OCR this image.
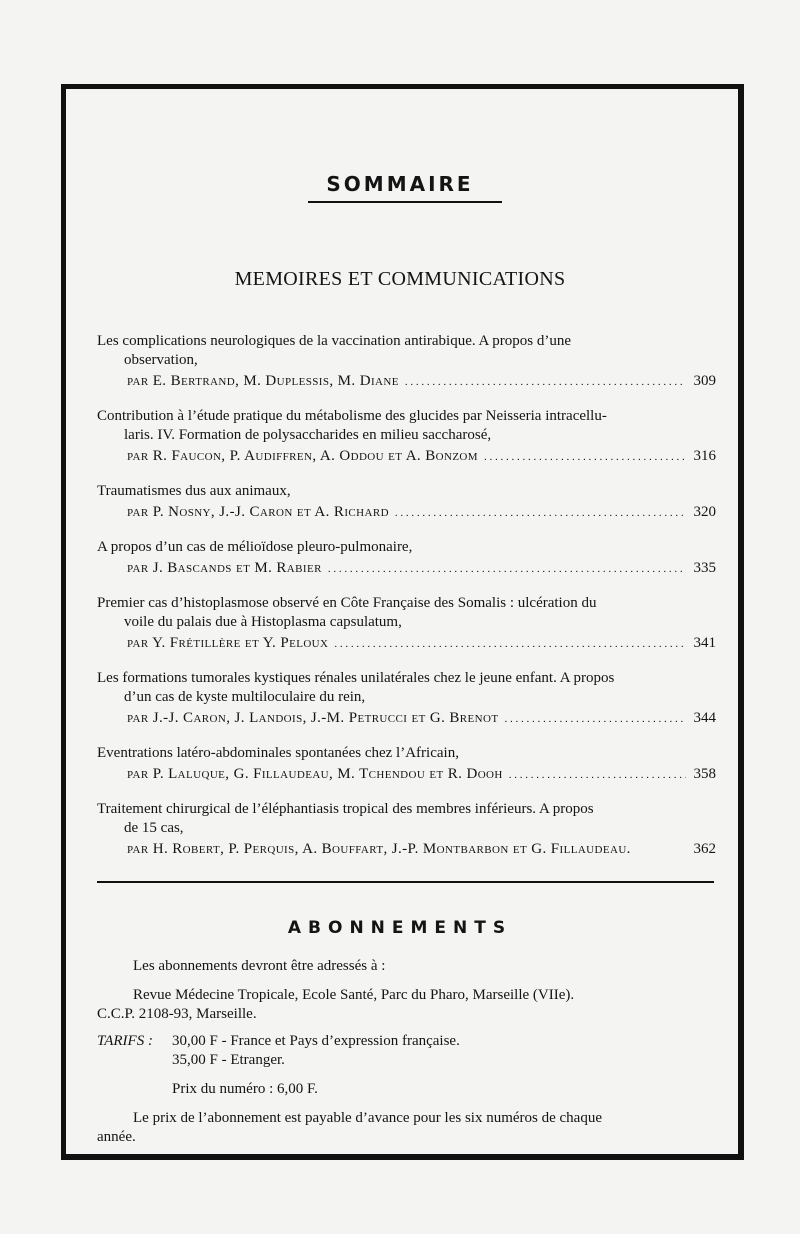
SOMMAIRE
MEMOIRES ET COMMUNICATIONS
Les complications neurologiques de la vaccination antirabique. A propos d’une
observation,
par E. Bertrand, M. Duplessis, M. Diane . . .	309
Contribution à l’étude pratique du métabolisme des glucides par Neisseria intracellu-
laris. IV. Formation de polysaccharides en milieu saccharosé,
par R. Faucon, P. Audiffren, A. Oddou et A. Bonzom . . .	316
Traumatismes dus aux animaux,
par P. Nosny, J.-J. Caron et A. Richard . . .	320
A propos d’un cas de mélioïdose pleuro-pulmonaire,
par J. Bascands et M. Rabier . . .	335
Premier cas d’histoplasmose observé en Côte Française des Somalis : ulcération du
voile du palais due à Histoplasma capsulatum,
par Y. Frétillère et Y. Peloux . . .	341
Les formations tumorales kystiques rénales unilatérales chez le jeune enfant. A propos
d’un cas de kyste multiloculaire du rein,
par J.-J. Caron, J. Landois, J.-M. Petrucci et G. Brenot . . .	344
Eventrations latéro-abdominales spontanées chez l’Africain,
par P. Laluque, G. Fillaudeau, M. Tchendou et R. Dooh . . .	358
Traitement chirurgical de l’éléphantiasis tropical des membres inférieurs. A propos
de 15 cas,
par H. Robert, P. Perquis, A. Bouffart, J.-P. Montbarbon et G. Fillaudeau.	362
ABONNEMENTS

Les abonnements devront être adressés à :

Revue Médecine Tropicale, Ecole Santé, Parc du Pharo, Marseille (VIIe).

C.C.P. 2108-93, Marseille.

TARIFS :	30,00 F - France et Pays d’expression française.
35,00 F - Etranger.

Prix du numéro : 6,00 F.

Le prix de l’abonnement est payable d’avance pour les six numéros de chaque

année.
